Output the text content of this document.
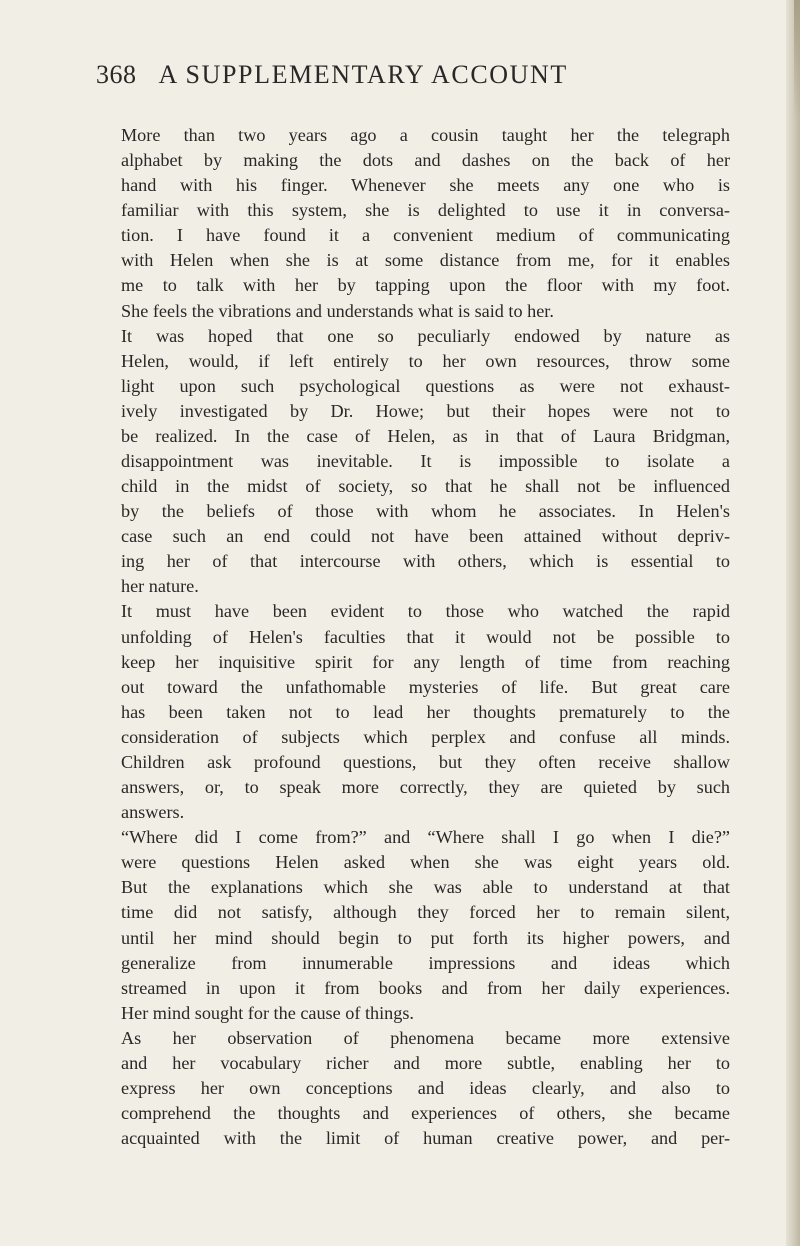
368 A SUPPLEMENTARY ACCOUNT
More than two years ago a cousin taught her the telegraph
alphabet by making the dots and dashes on the back of her
hand with his finger. Whenever she meets any one who is
familiar with this system, she is delighted to use it in conversa-
tion. I have found it a convenient medium of communicating
with Helen when she is at some distance from me, for it enables
me to talk with her by tapping upon the floor with my foot.
She feels the vibrations and understands what is said to her.
It was hoped that one so peculiarly endowed by nature as
Helen, would, if left entirely to her own resources, throw some
light upon such psychological questions as were not exhaust-
ively investigated by Dr. Howe; but their hopes were not to
be realized. In the case of Helen, as in that of Laura Bridgman,
disappointment was inevitable. It is impossible to isolate a
child in the midst of society, so that he shall not be influenced
by the beliefs of those with whom he associates. In Helen's
case such an end could not have been attained without depriv-
ing her of that intercourse with others, which is essential to
her nature.
It must have been evident to those who watched the rapid
unfolding of Helen's faculties that it would not be possible to
keep her inquisitive spirit for any length of time from reaching
out toward the unfathomable mysteries of life. But great care
has been taken not to lead her thoughts prematurely to the
consideration of subjects which perplex and confuse all minds.
Children ask profound questions, but they often receive shallow
answers, or, to speak more correctly, they are quieted by such
answers.
“Where did I come from?” and “Where shall I go when I die?”
were questions Helen asked when she was eight years old.
But the explanations which she was able to understand at that
time did not satisfy, although they forced her to remain silent,
until her mind should begin to put forth its higher powers, and
generalize from innumerable impressions and ideas which
streamed in upon it from books and from her daily experiences.
Her mind sought for the cause of things.
As her observation of phenomena became more extensive
and her vocabulary richer and more subtle, enabling her to
express her own conceptions and ideas clearly, and also to
comprehend the thoughts and experiences of others, she became
acquainted with the limit of human creative power, and per-
